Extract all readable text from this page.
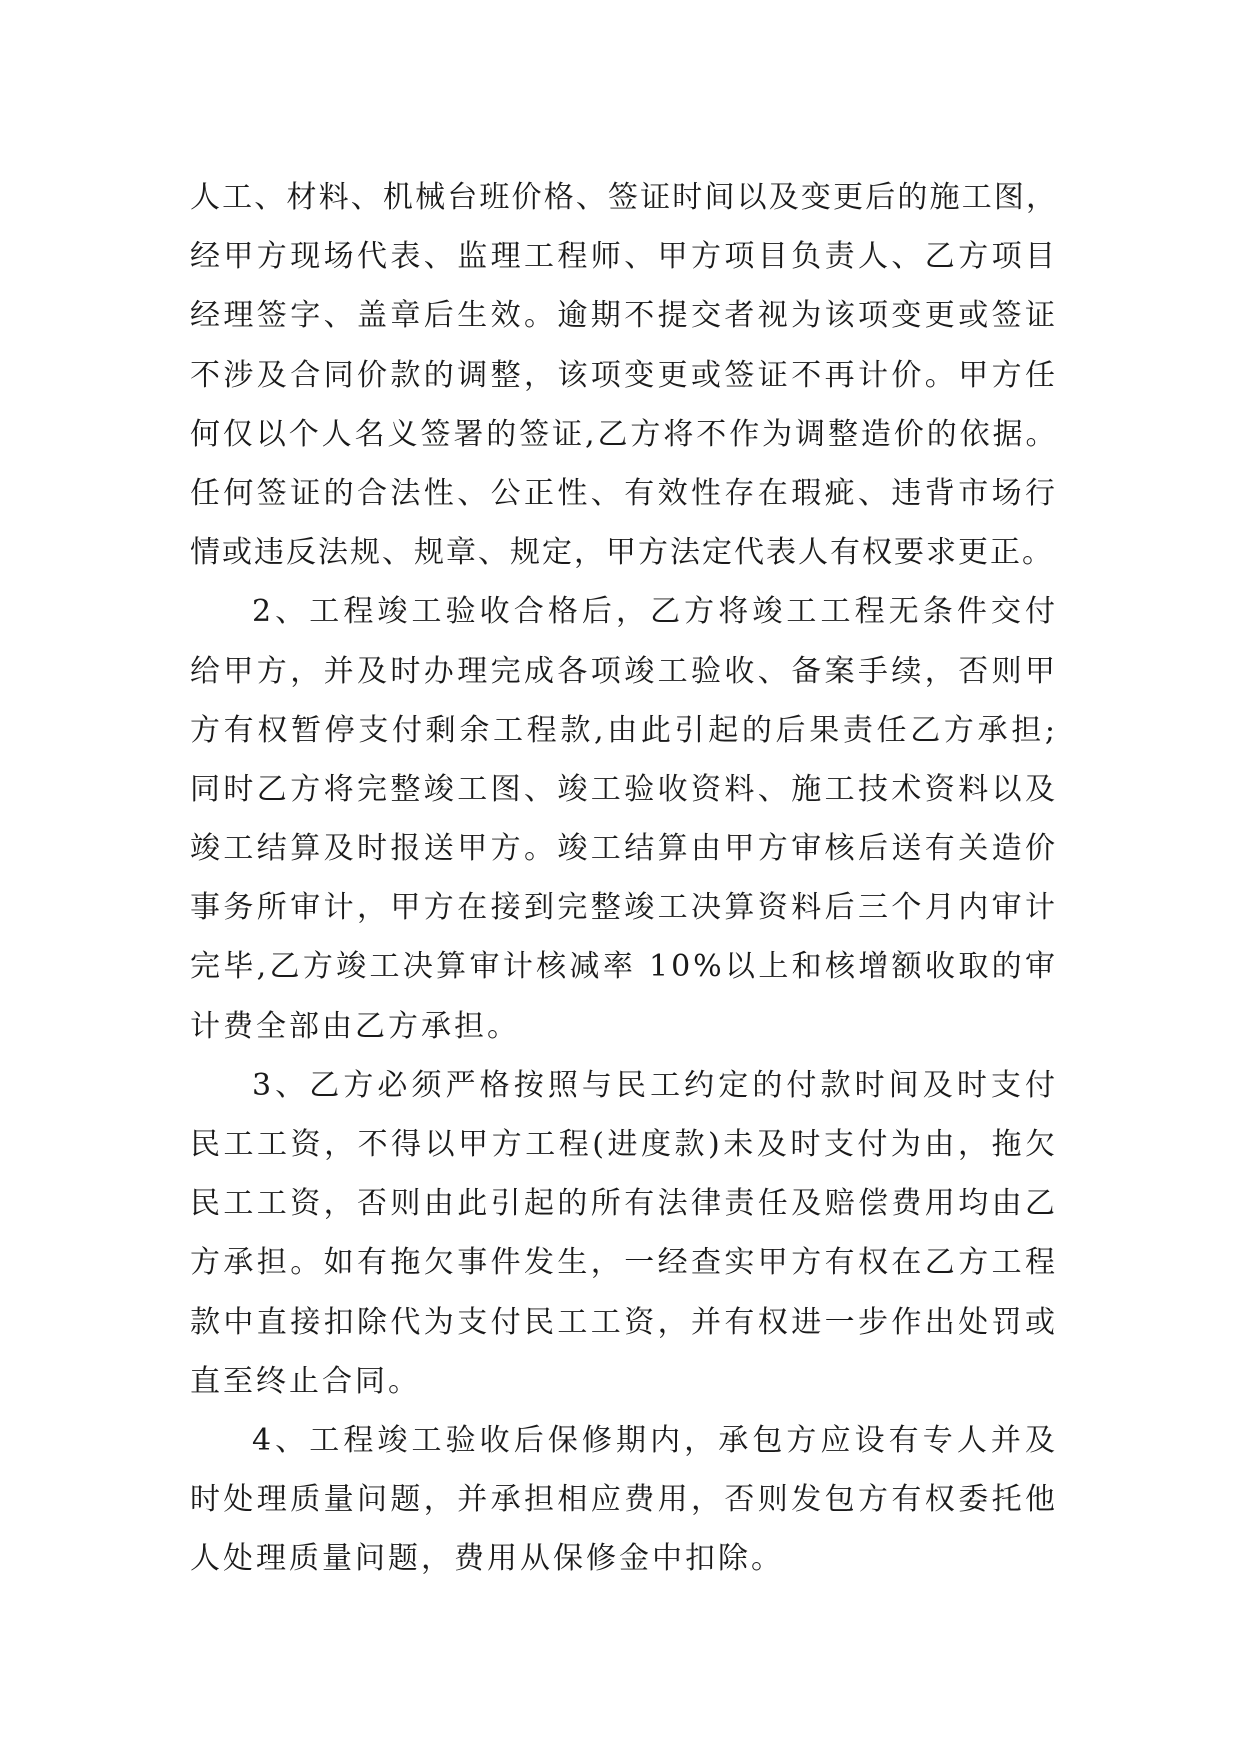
人工、材料、机械台班价格、签证时间以及变更后的施工图，
经甲方现场代表、监理工程师、甲方项目负责人、乙方项目
经理签字、盖章后生效。逾期不提交者视为该项变更或签证
不涉及合同价款的调整，该项变更或签证不再计价。甲方任
何仅以个人名义签署的签证,乙方将不作为调整造价的依据。
任何签证的合法性、公正性、有效性存在瑕疵、违背市场行
情或违反法规、规章、规定，甲方法定代表人有权要求更正。
2、工程竣工验收合格后，乙方将竣工工程无条件交付
给甲方，并及时办理完成各项竣工验收、备案手续，否则甲
方有权暂停支付剩余工程款,由此引起的后果责任乙方承担;
同时乙方将完整竣工图、竣工验收资料、施工技术资料以及
竣工结算及时报送甲方。竣工结算由甲方审核后送有关造价
事务所审计，甲方在接到完整竣工决算资料后三个月内审计
完毕,乙方竣工决算审计核减率 10%以上和核增额收取的审
计费全部由乙方承担。
3、乙方必须严格按照与民工约定的付款时间及时支付
民工工资，不得以甲方工程(进度款)未及时支付为由，拖欠
民工工资，否则由此引起的所有法律责任及赔偿费用均由乙
方承担。如有拖欠事件发生，一经查实甲方有权在乙方工程
款中直接扣除代为支付民工工资，并有权进一步作出处罚或
直至终止合同。
4、工程竣工验收后保修期内，承包方应设有专人并及
时处理质量问题，并承担相应费用，否则发包方有权委托他
人处理质量问题，费用从保修金中扣除。
